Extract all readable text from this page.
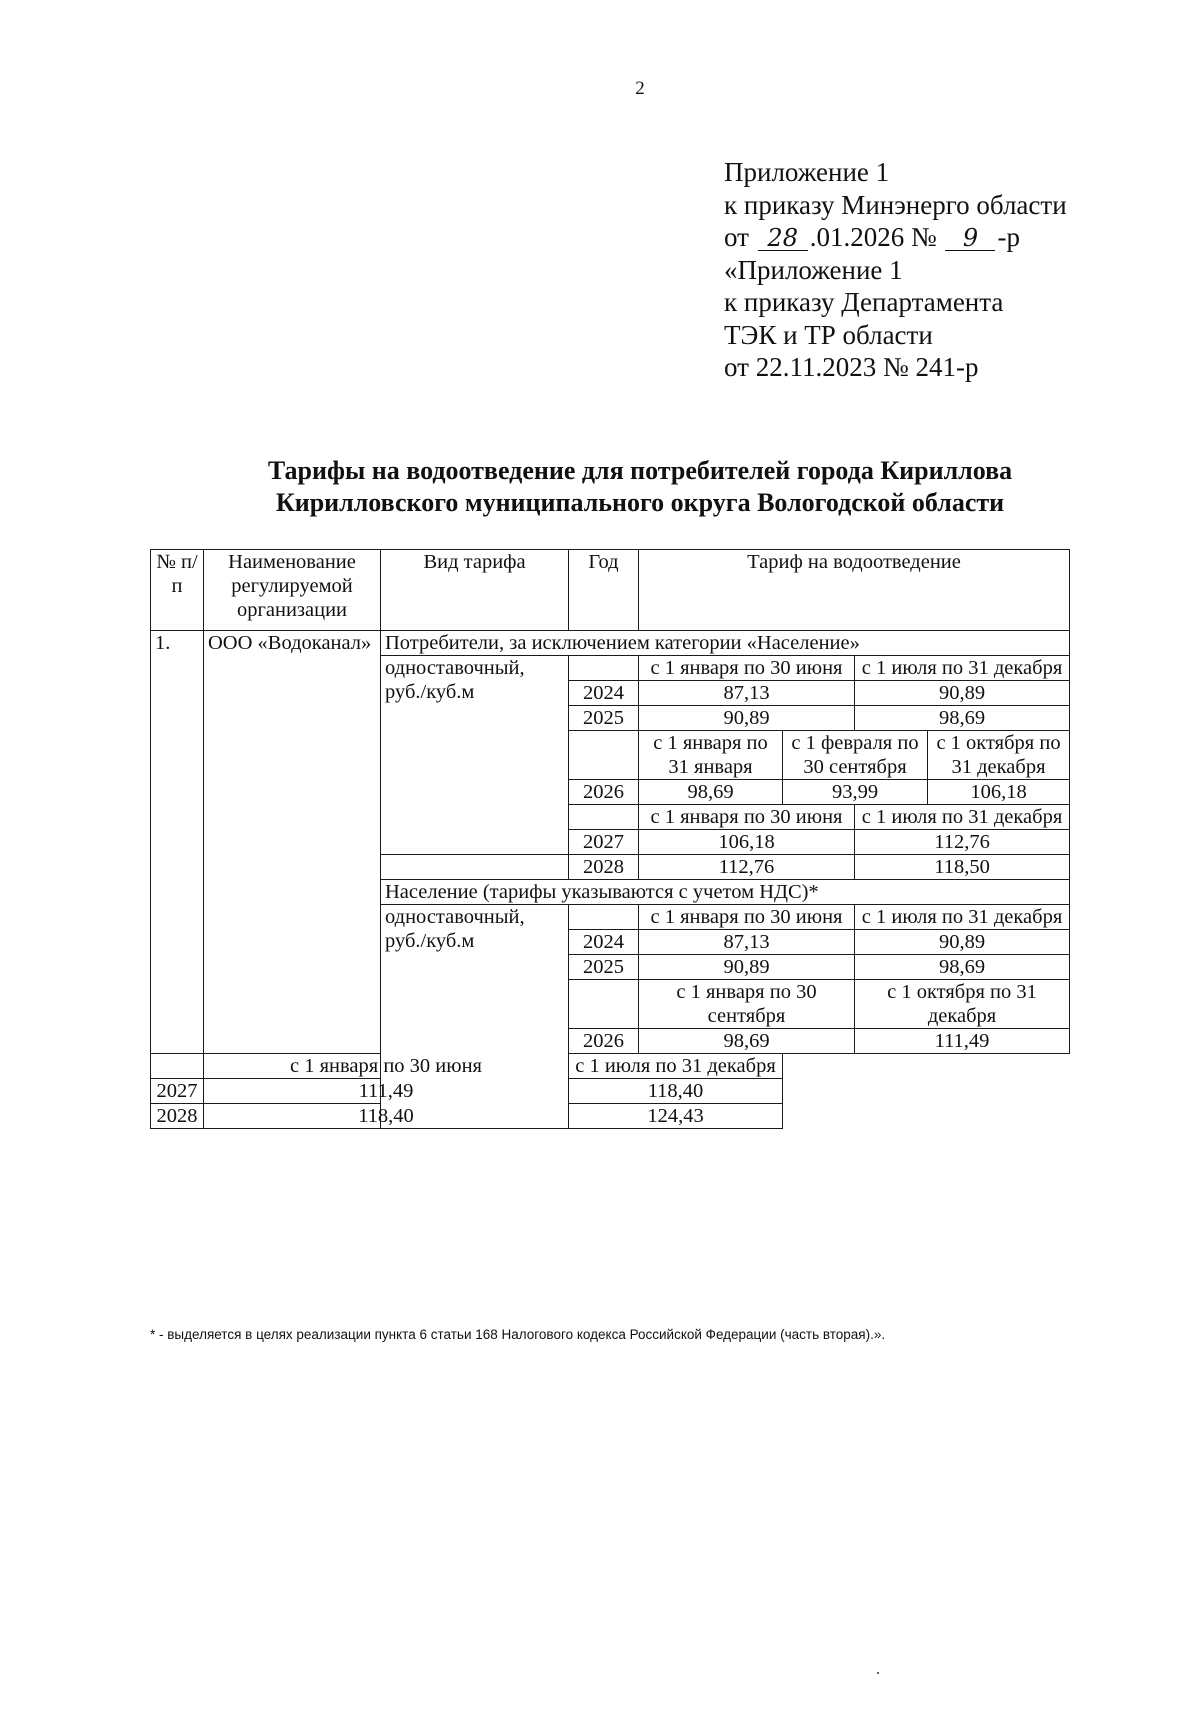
2
Приложение 1
к приказу Минэнерго области
от 28 .01.2026 № 9 -р
«Приложение 1
к приказу Департамента
ТЭК и ТР области
от 22.11.2023 № 241-р
Тарифы на водоотведение для потребителей города Кириллова
Кирилловского муниципального округа Вологодской области
№ п/п	Наименование регулируемой организации	Вид тарифа	Год	Тариф на водоотведение			
1.	ООО «Водоканал»	Потребители, за исключением категории «Население»					
		одноставочный, руб./куб.м		с 1 января по 30 июня		с 1 июля по 31 декабря	
			2024	87,13		90,89	
			2025	90,89		98,69	
				с 1 января по 31 января	с 1 февраля по 30 сентября		с 1 октября по 31 декабря
			2026	98,69	93,99		106,18
				с 1 января по 30 июня		с 1 июля по 31 декабря	
			2027	106,18		112,76	
			2028	112,76		118,50	
		Население (тарифы указываются с учетом НДС)*					
		одноставочный, руб./куб.м		с 1 января по 30 июня		с 1 июля по 31 декабря	
			2024	87,13		90,89	
			2025	90,89		98,69	
				с 1 января по 30 сентября		с 1 октября по 31 декабря	
			2026	98,69		111,49	
	с 1 января по 30 июня		с 1 июля по 31 декабря				
2027	111,49		118,40				
2028	118,40		124,43				
* - выделяется в целях реализации пункта 6 статьи 168 Налогового кодекса Российской Федерации (часть вторая).».
